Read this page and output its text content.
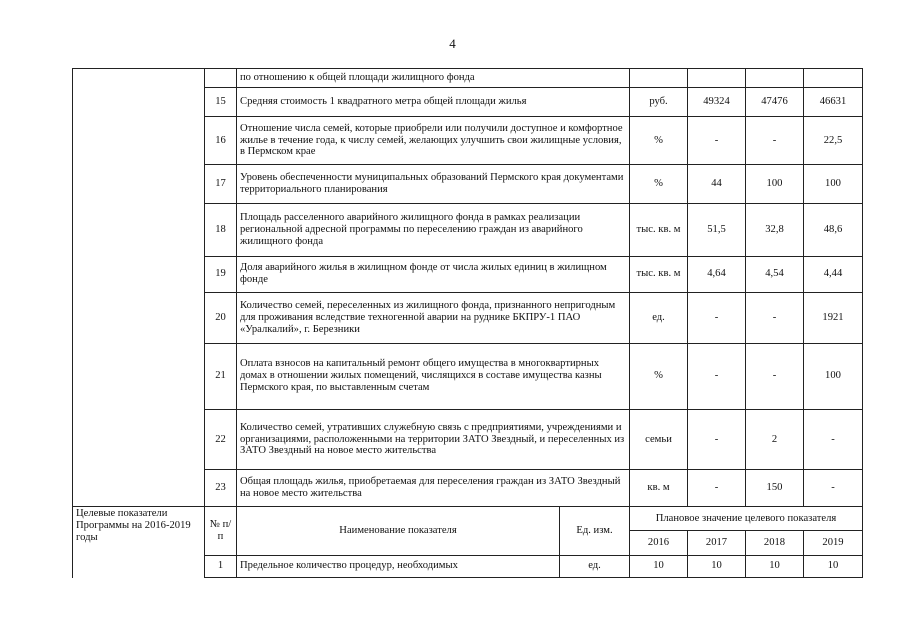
4
		по отношению к общей площади жилищного фонда					
	15	Средняя стоимость 1 квадратного метра общей площади жилья		руб.	49324	47476	46631
	16	Отношение числа семей, которые приобрели или получили доступное и комфортное жилье в течение года, к числу семей, желающих улучшить свои жилищные условия, в Пермском крае		%	-	-	22,5
	17	Уровень обеспеченности муниципальных образований Пермского края документами территориального планирования		%	44	100	100
	18	Площадь расселенного аварийного жилищного фонда в рамках реализации региональной адресной программы по переселению граждан из аварийного жилищного фонда		тыс. кв. м	51,5	32,8	48,6
	19	Доля аварийного жилья в жилищном фонде от числа жилых единиц в жилищном фонде		тыс. кв. м	4,64	4,54	4,44
	20	Количество семей, переселенных из жилищного фонда, признанного непригодным для проживания вследствие техногенной аварии на руднике БКПРУ-1 ПАО «Уралкалий», г. Березники		ед.	-	-	1921
	21	Оплата взносов на капитальный ремонт общего имущества в многоквартирных домах в отношении жилых помещений, числящихся в составе имущества казны Пермского края, по выставленным счетам		%	-	-	100
	22	Количество семей, утративших служебную связь с предприятиями, учреждениями и организациями, расположенными на территории ЗАТО Звездный, и переселенных из ЗАТО Звездный на новое место жительства		семьи	-	2	-
	23	Общая площадь жилья, приобретаемая для переселения граждан из ЗАТО Звездный на новое место жительства		кв. м	-	150	-
Целевые показатели Программы на 2016-2019 годы	№ п/п	Наименование показателя	Ед. изм.	Плановое значение целевого показателя			
				2016	2017	2018	2019
	1	Предельное количество процедур, необходимых	ед.	10	10	10	10
